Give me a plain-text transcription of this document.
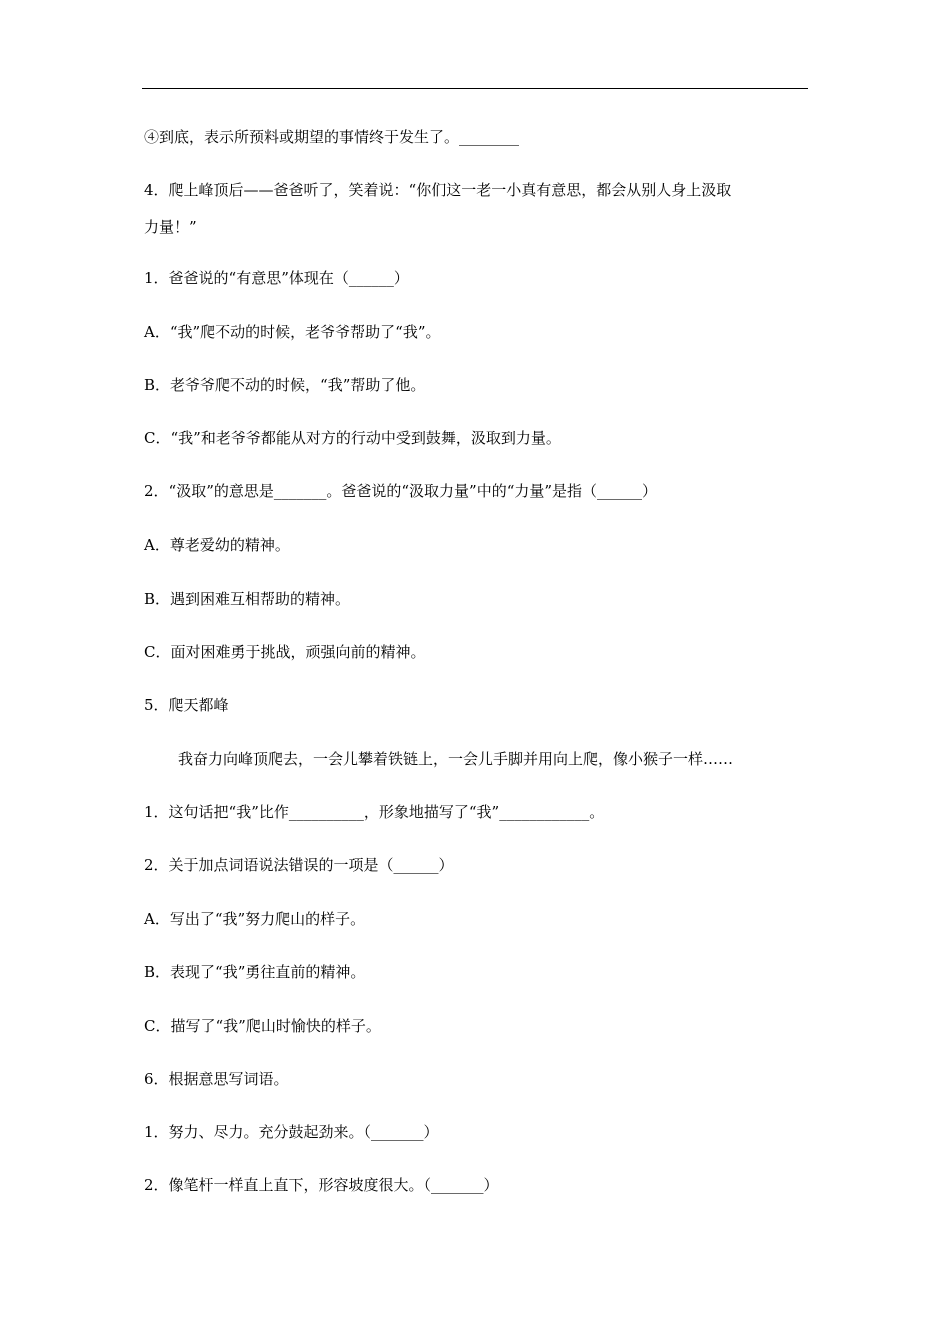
④到底，表示所预料或期望的事情终于发生了。________
4．爬上峰顶后——爸爸听了，笑着说：“你们这一老一小真有意思，都会从别人身上汲取
力量！”
1．爸爸说的“有意思”体现在（______）
A．“我”爬不动的时候，老爷爷帮助了“我”。
B．老爷爷爬不动的时候，“我”帮助了他。
C．“我”和老爷爷都能从对方的行动中受到鼓舞，汲取到力量。
2．“汲取”的意思是_______。爸爸说的“汲取力量”中的“力量”是指（______）
A．尊老爱幼的精神。
B．遇到困难互相帮助的精神。
C．面对困难勇于挑战，顽强向前的精神。
5．爬天都峰
我奋力向峰顶爬去，一会儿攀着铁链上，一会儿手脚并用向上爬，像小猴子一样……
1．这句话把“我”比作__________，形象地描写了“我”____________。
2．关于加点词语说法错误的一项是（______）
A．写出了“我”努力爬山的样子。
B．表现了“我”勇往直前的精神。
C．描写了“我”爬山时愉快的样子。
6．根据意思写词语。
1．努力、尽力。充分鼓起劲来。（_______）
2．像笔杆一样直上直下，形容坡度很大。（_______）
